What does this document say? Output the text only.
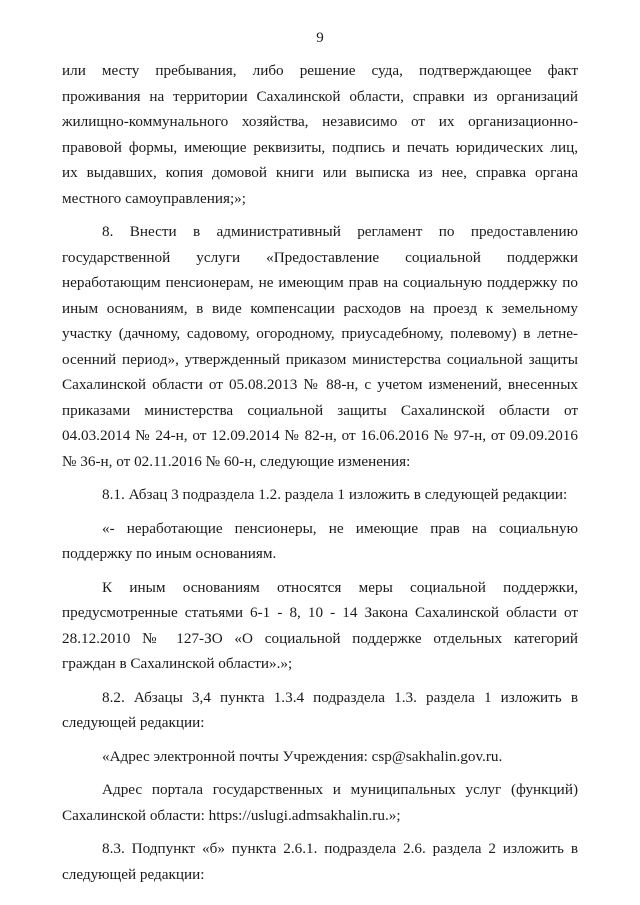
9
или месту пребывания, либо решение суда, подтверждающее факт
проживания на территории Сахалинской области, справки из организаций
жилищно-коммунального хозяйства, независимо от их организационно-
правовой формы, имеющие реквизиты, подпись и печать юридических лиц,
их выдавших, копия домовой книги или выписка из нее, справка органа
местного самоуправления;»;
8. Внести в административный регламент по предоставлению
государственной услуги «Предоставление социальной поддержки
неработающим пенсионерам, не имеющим прав на социальную поддержку по
иным основаниям, в виде компенсации расходов на проезд к земельному
участку (дачному, садовому, огородному, приусадебному, полевому) в летне-
осенний период», утвержденный приказом министерства социальной защиты
Сахалинской области от 05.08.2013 № 88-н, с учетом изменений, внесенных
приказами министерства социальной защиты Сахалинской области от
04.03.2014 № 24-н, от 12.09.2014 № 82-н, от 16.06.2016 № 97-н, от 09.09.2016
№ 36-н, от 02.11.2016 № 60-н, следующие изменения:
8.1. Абзац 3 подраздела 1.2. раздела 1 изложить в следующей редакции:
«- неработающие пенсионеры, не имеющие прав на социальную
поддержку по иным основаниям.
К иным основаниям относятся меры социальной поддержки,
предусмотренные статьями 6-1 - 8, 10 - 14 Закона Сахалинской области от
28.12.2010 № 127-ЗО «О социальной поддержке отдельных категорий
граждан в Сахалинской области».»;
8.2. Абзацы 3,4 пункта 1.3.4 подраздела 1.3. раздела 1 изложить в
следующей редакции:
«Адрес электронной почты Учреждения: csp@sakhalin.gov.ru.
Адрес портала государственных и муниципальных услуг (функций)
Сахалинской области: https://uslugi.admsakhalin.ru.»;
8.3. Подпункт «б» пункта 2.6.1. подраздела 2.6. раздела 2 изложить в
следующей редакции:
